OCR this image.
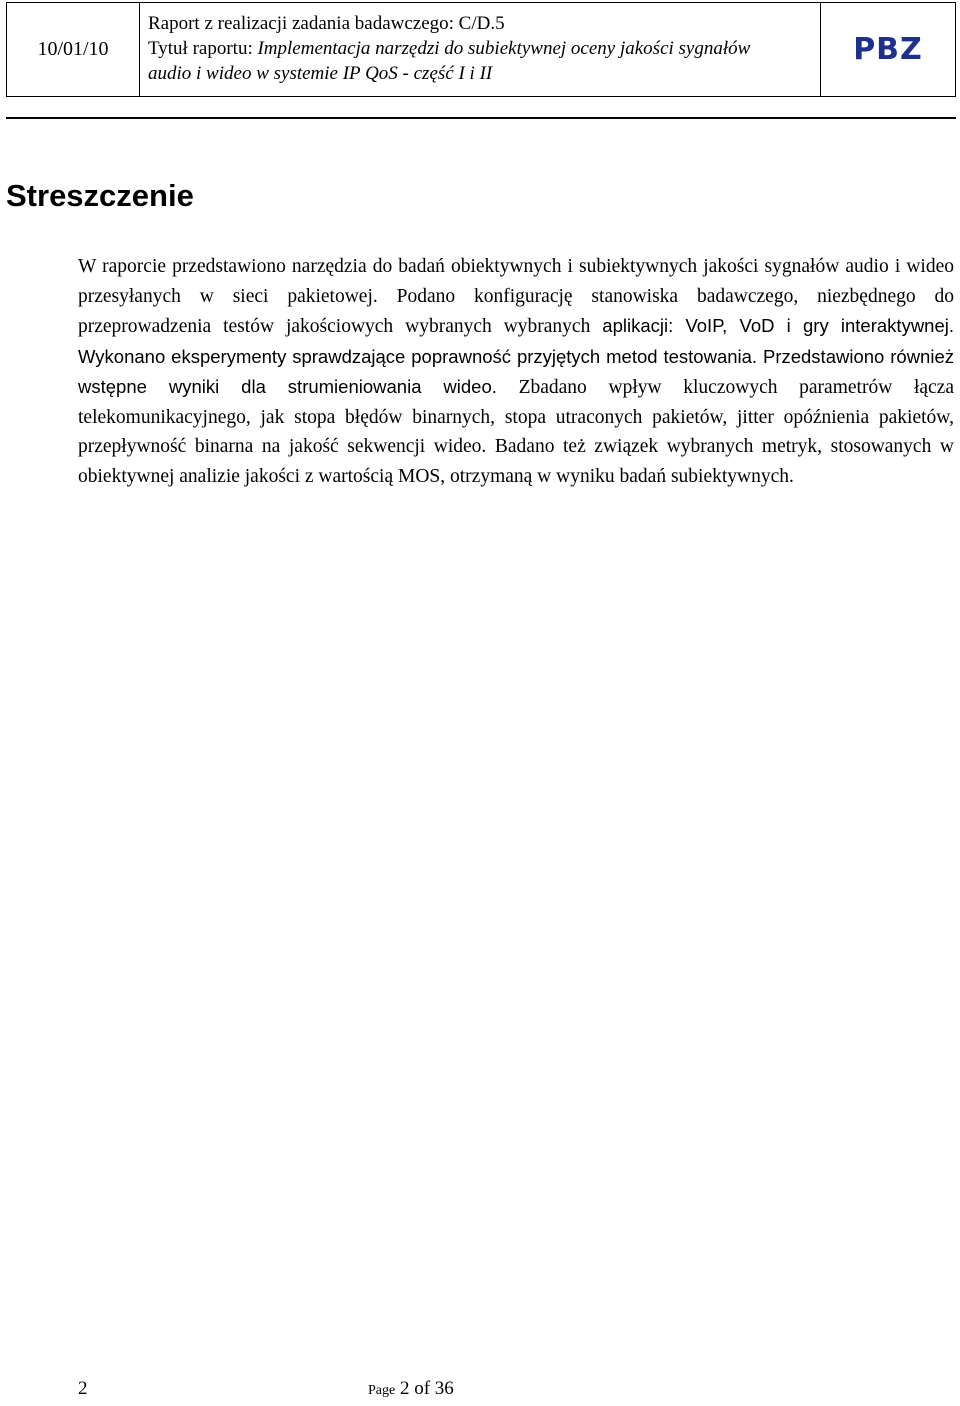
10/01/10
Raport z realizacji zadania badawczego: C/D.5
Tytuł raportu: Implementacja narzędzi do subiektywnej oceny jakości sygnałów
audio i wideo w systemie IP QoS - część I i II
PBZ
Streszczenie

W raporcie przedstawiono narzędzia do badań obiektywnych i subiektywnych jakości sygnałów audio i wideo przesyłanych w sieci pakietowej. Podano konfigurację stanowiska badawczego, niezbędnego do przeprowadzenia testów jakościowych wybranych wybranych aplikacji: VoIP, VoD i gry interaktywnej. Wykonano eksperymenty sprawdzające poprawność przyjętych metod testowania. Przedstawiono również wstępne wyniki dla strumieniowania wideo. Zbadano wpływ kluczowych parametrów łącza telekomunikacyjnego, jak stopa błędów binarnych, stopa utraconych pakietów, jitter opóźnienia pakietów, przepływność binarna na jakość sekwencji wideo. Badano też związek wybranych metryk, stosowanych w obiektywnej analizie jakości z wartością MOS, otrzymaną w wyniku badań subiektywnych.

2	Page 2 of 36
